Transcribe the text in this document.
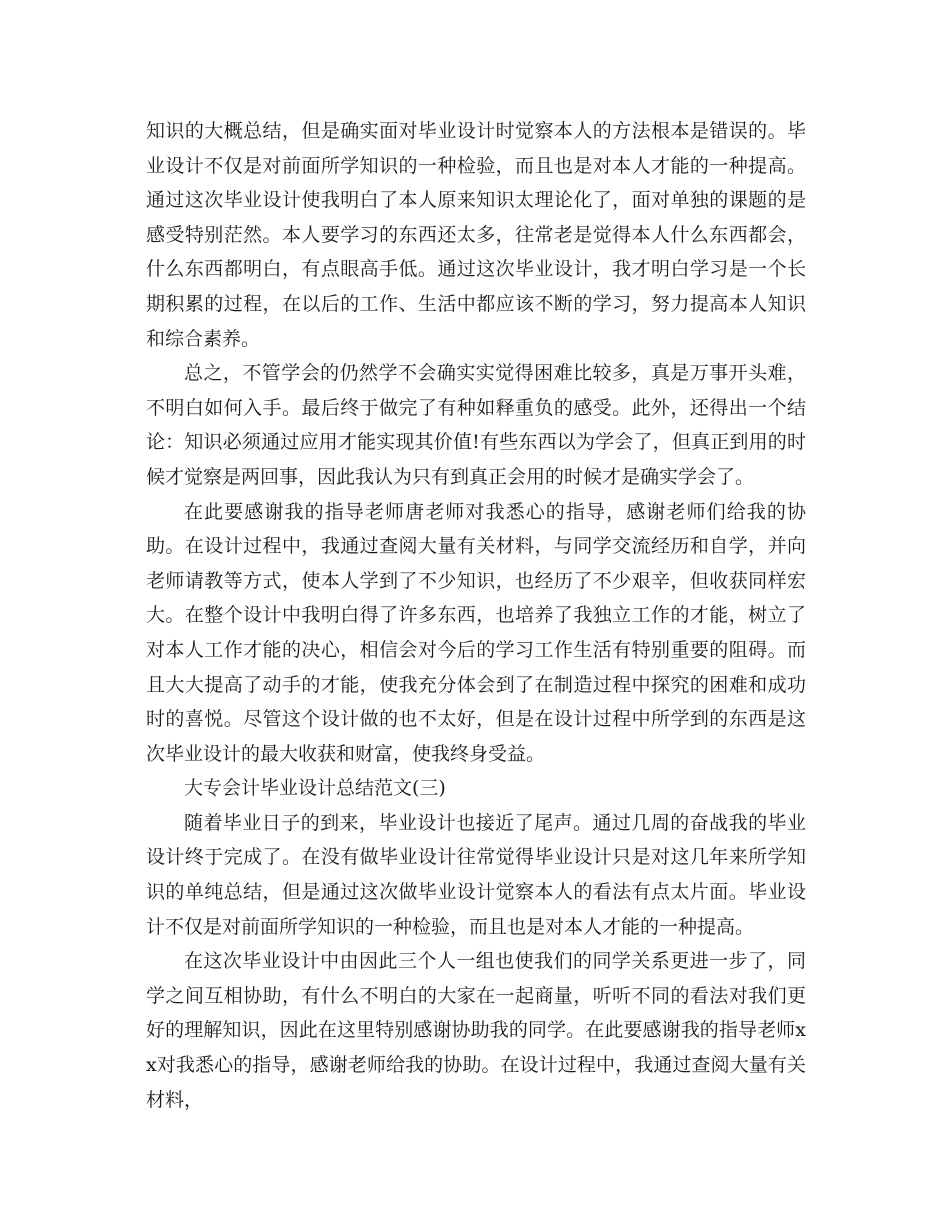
知识的大概总结，但是确实面对毕业设计时觉察本人的方法根本是错误的。毕业设计不仅是对前面所学知识的一种检验，而且也是对本人才能的一种提高。通过这次毕业设计使我明白了本人原来知识太理论化了，面对单独的课题的是感受特别茫然。本人要学习的东西还太多，往常老是觉得本人什么东西都会，什么东西都明白，有点眼高手低。通过这次毕业设计，我才明白学习是一个长期积累的过程，在以后的工作、生活中都应该不断的学习，努力提高本人知识和综合素养。

总之，不管学会的仍然学不会确实实觉得困难比较多，真是万事开头难，不明白如何入手。最后终于做完了有种如释重负的感受。此外，还得出一个结论：知识必须通过应用才能实现其价值!有些东西以为学会了，但真正到用的时候才觉察是两回事，因此我认为只有到真正会用的时候才是确实学会了。

在此要感谢我的指导老师唐老师对我悉心的指导，感谢老师们给我的协助。在设计过程中，我通过查阅大量有关材料，与同学交流经历和自学，并向老师请教等方式，使本人学到了不少知识，也经历了不少艰辛，但收获同样宏大。在整个设计中我明白得了许多东西，也培养了我独立工作的才能，树立了对本人工作才能的决心，相信会对今后的学习工作生活有特别重要的阻碍。而且大大提高了动手的才能，使我充分体会到了在制造过程中探究的困难和成功时的喜悦。尽管这个设计做的也不太好，但是在设计过程中所学到的东西是这次毕业设计的最大收获和财富，使我终身受益。

大专会计毕业设计总结范文(三)

随着毕业日子的到来，毕业设计也接近了尾声。通过几周的奋战我的毕业设计终于完成了。在没有做毕业设计往常觉得毕业设计只是对这几年来所学知识的单纯总结，但是通过这次做毕业设计觉察本人的看法有点太片面。毕业设计不仅是对前面所学知识的一种检验，而且也是对本人才能的一种提高。

在这次毕业设计中由因此三个人一组也使我们的同学关系更进一步了，同学之间互相协助，有什么不明白的大家在一起商量，听听不同的看法对我们更好的理解知识，因此在这里特别感谢协助我的同学。在此要感谢我的指导老师xx对我悉心的指导，感谢老师给我的协助。在设计过程中，我通过查阅大量有关材料，
